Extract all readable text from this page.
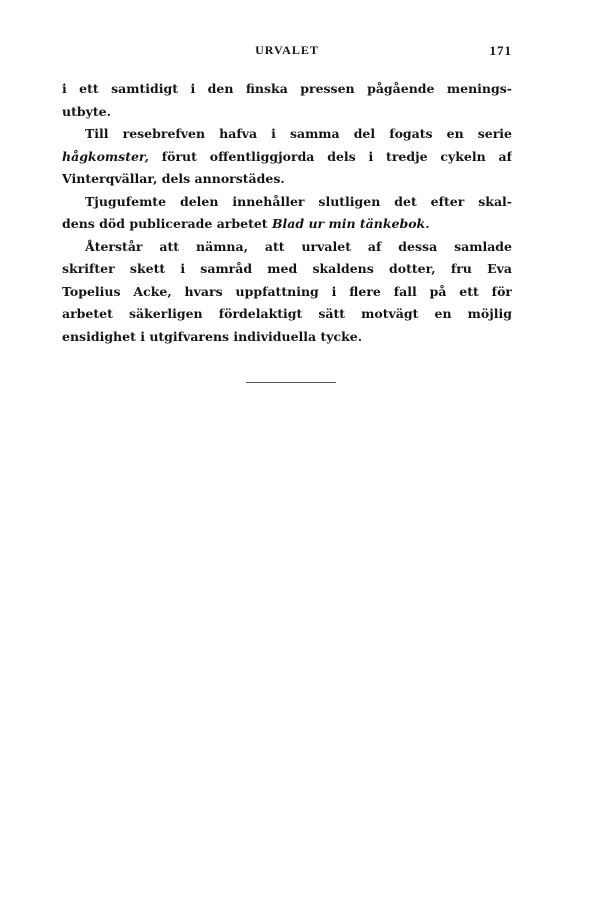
URVALET	171
i ett samtidigt i den finska pressen pågående menings-
utbyte.
Till resebrefven hafva i samma del fogats en serie
hågkomster, förut offentliggjorda dels i tredje cykeln af
Vinterqvällar, dels annorstädes.
Tjugufemte delen innehåller slutligen det efter skal-
dens död publicerade arbetet Blad ur min tänkebok.
Återstår att nämna, att urvalet af dessa samlade
skrifter skett i samråd med skaldens dotter, fru Eva
Topelius Acke, hvars uppfattning i flere fall på ett för
arbetet säkerligen fördelaktigt sätt motvägt en möjlig
ensidighet i utgifvarens individuella tycke.
